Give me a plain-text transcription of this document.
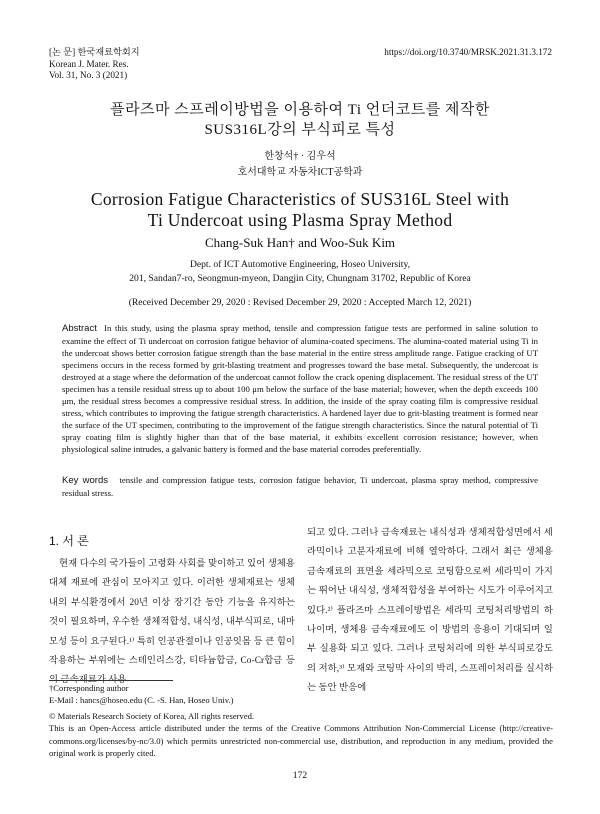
[논 문] 한국재료학회지
Korean J. Mater. Res.
Vol. 31, No. 3 (2021)
https://doi.org/10.3740/MRSK.2021.31.3.172
플라즈마 스프레이방법을 이용하여 Ti 언더코트를 제작한
SUS316L강의 부식피로 특성
한창석† · 김우석
호서대학교 자동차ICT공학과
Corrosion Fatigue Characteristics of SUS316L Steel with
Ti Undercoat using Plasma Spray Method
Chang-Suk Han† and Woo-Suk Kim
Dept. of ICT Automotive Engineering, Hoseo University,
201, Sandan7-ro, Seongmun-myeon, Dangjin City, Chungnam 31702, Republic of Korea
(Received December 29, 2020 : Revised December 29, 2020 : Accepted March 12, 2021)
Abstract In this study, using the plasma spray method, tensile and compression fatigue tests are performed in saline solution to examine the effect of Ti undercoat on corrosion fatigue behavior of alumina-coated specimens. The alumina-coated material using Ti in the undercoat shows better corrosion fatigue strength than the base material in the entire stress amplitude range. Fatigue cracking of UT specimens occurs in the recess formed by grit-blasting treatment and progresses toward the base metal. Subsequently, the undercoat is destroyed at a stage where the deformation of the undercoat cannot follow the crack opening displacement. The residual stress of the UT specimen has a tensile residual stress up to about 100 μm below the surface of the base material; however, when the depth exceeds 100 μm, the residual stress becomes a compressive residual stress. In addition, the inside of the spray coating film is compressive residual stress, which contributes to improving the fatigue strength characteristics. A hardened layer due to grit-blasting treatment is formed near the surface of the UT specimen, contributing to the improvement of the fatigue strength characteristics. Since the natural potential of Ti spray coating film is slightly higher than that of the base material, it exhibits excellent corrosion resistance; however, when physiological saline intrudes, a galvanic battery is formed and the base material corrodes preferentially.
Key words tensile and compression fatigue tests, corrosion fatigue behavior, Ti undercoat, plasma spray method, compressive residual stress.
1. 서 론
현재 다수의 국가들이 고령화 사회를 맞이하고 있어 생체용 대체 재료에 관심이 모아지고 있다. 이러한 생체재료는 생체 내의 부식환경에서 20년 이상 장기간 동안 기능을 유지하는 것이 필요하며, 우수한 생체적합성, 내식성, 내부식피로, 내마모성 등이 요구된다.¹⁾ 특히 인공관절이나 인공잇몸 등 큰 힘이 작용하는 부위에는 스테인리스강, 티타늄합금, Co-Cr합금 등의 금속재료가 사용
되고 있다. 그러나 금속재료는 내식성과 생체적합성면에서 세라믹이나 고분자재료에 비해 열악하다. 그래서 최근 생체용 금속재료의 표면을 세라믹으로 코팅함으로써 세라믹이 가지는 뛰어난 내식성, 생체적합성을 부여하는 시도가 이루어지고 있다.²⁾ 플라즈마 스프레이방법은 세라믹 코팅처리방법의 하나이며, 생체용 금속재료에도 이 방법의 응용이 기대되며 일부 실용화 되고 있다. 그러나 코팅처리에 의한 부식피로강도의 저하,³⁾ 모재와 코팅막 사이의 박리, 스프레이처리를 실시하는 동안 반응에
†Corresponding author
E-Mail : hancs@hoseo.edu (C. -S. Han, Hoseo Univ.)
© Materials Research Society of Korea, All rights reserved.
This is an Open-Access article distributed under the terms of the Creative Commons Attribution Non-Commercial License (http://creative-commons.org/licenses/by-nc/3.0) which permits unrestricted non-commercial use, distribution, and reproduction in any medium, provided the original work is properly cited.
172
